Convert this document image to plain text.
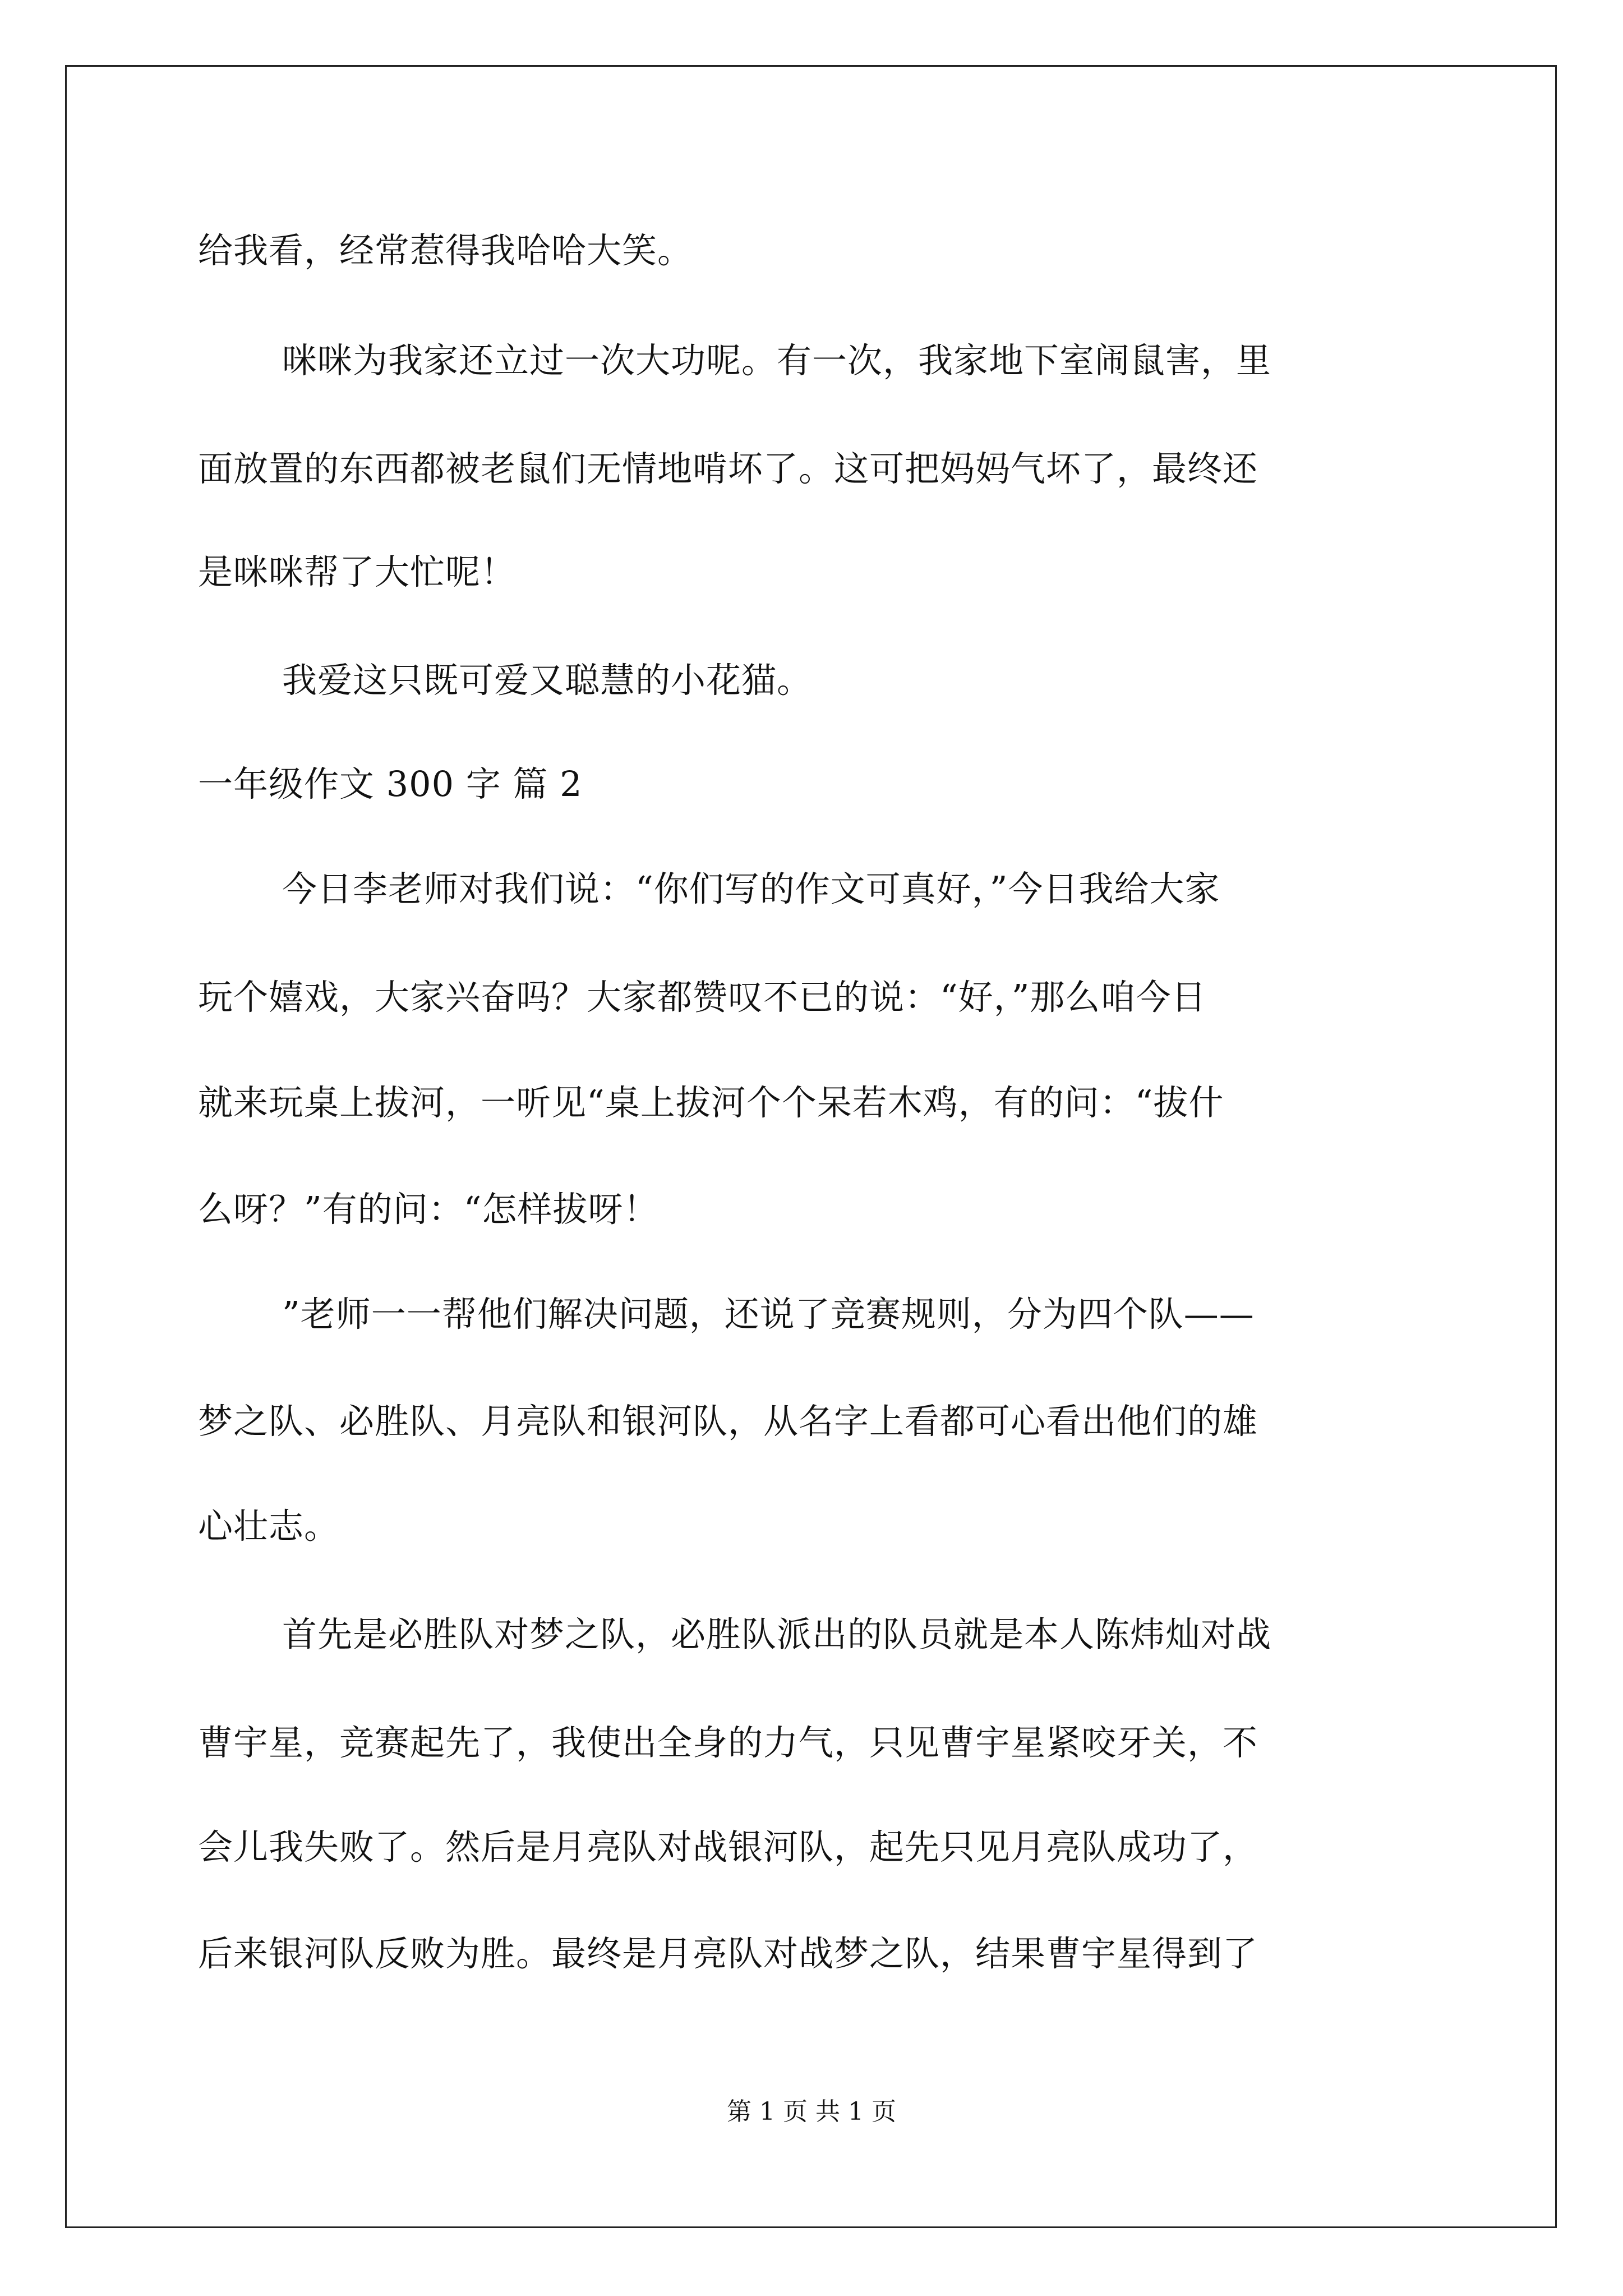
给我看，经常惹得我哈哈大笑。
咪咪为我家还立过一次大功呢。有一次，我家地下室闹鼠害，里
面放置的东西都被老鼠们无情地啃坏了。这可把妈妈气坏了，最终还
是咪咪帮了大忙呢！
我爱这只既可爱又聪慧的小花猫。
一年级作文 300 字 篇 2
今日李老师对我们说：“你们写的作文可真好，”今日我给大家
玩个嬉戏，大家兴奋吗？大家都赞叹不已的说：“好，”那么咱今日
就来玩桌上拔河，一听见“桌上拔河个个呆若木鸡，有的问：“拔什
么呀？”有的问：“怎样拔呀！
”老师一一帮他们解决问题，还说了竞赛规则，分为四个队——
梦之队、必胜队、月亮队和银河队，从名字上看都可心看出他们的雄
心壮志。
首先是必胜队对梦之队，必胜队派出的队员就是本人陈炜灿对战
曹宇星，竞赛起先了，我使出全身的力气，只见曹宇星紧咬牙关，不
会儿我失败了。然后是月亮队对战银河队，起先只见月亮队成功了，
后来银河队反败为胜。最终是月亮队对战梦之队，结果曹宇星得到了
第 1 页 共 1 页
